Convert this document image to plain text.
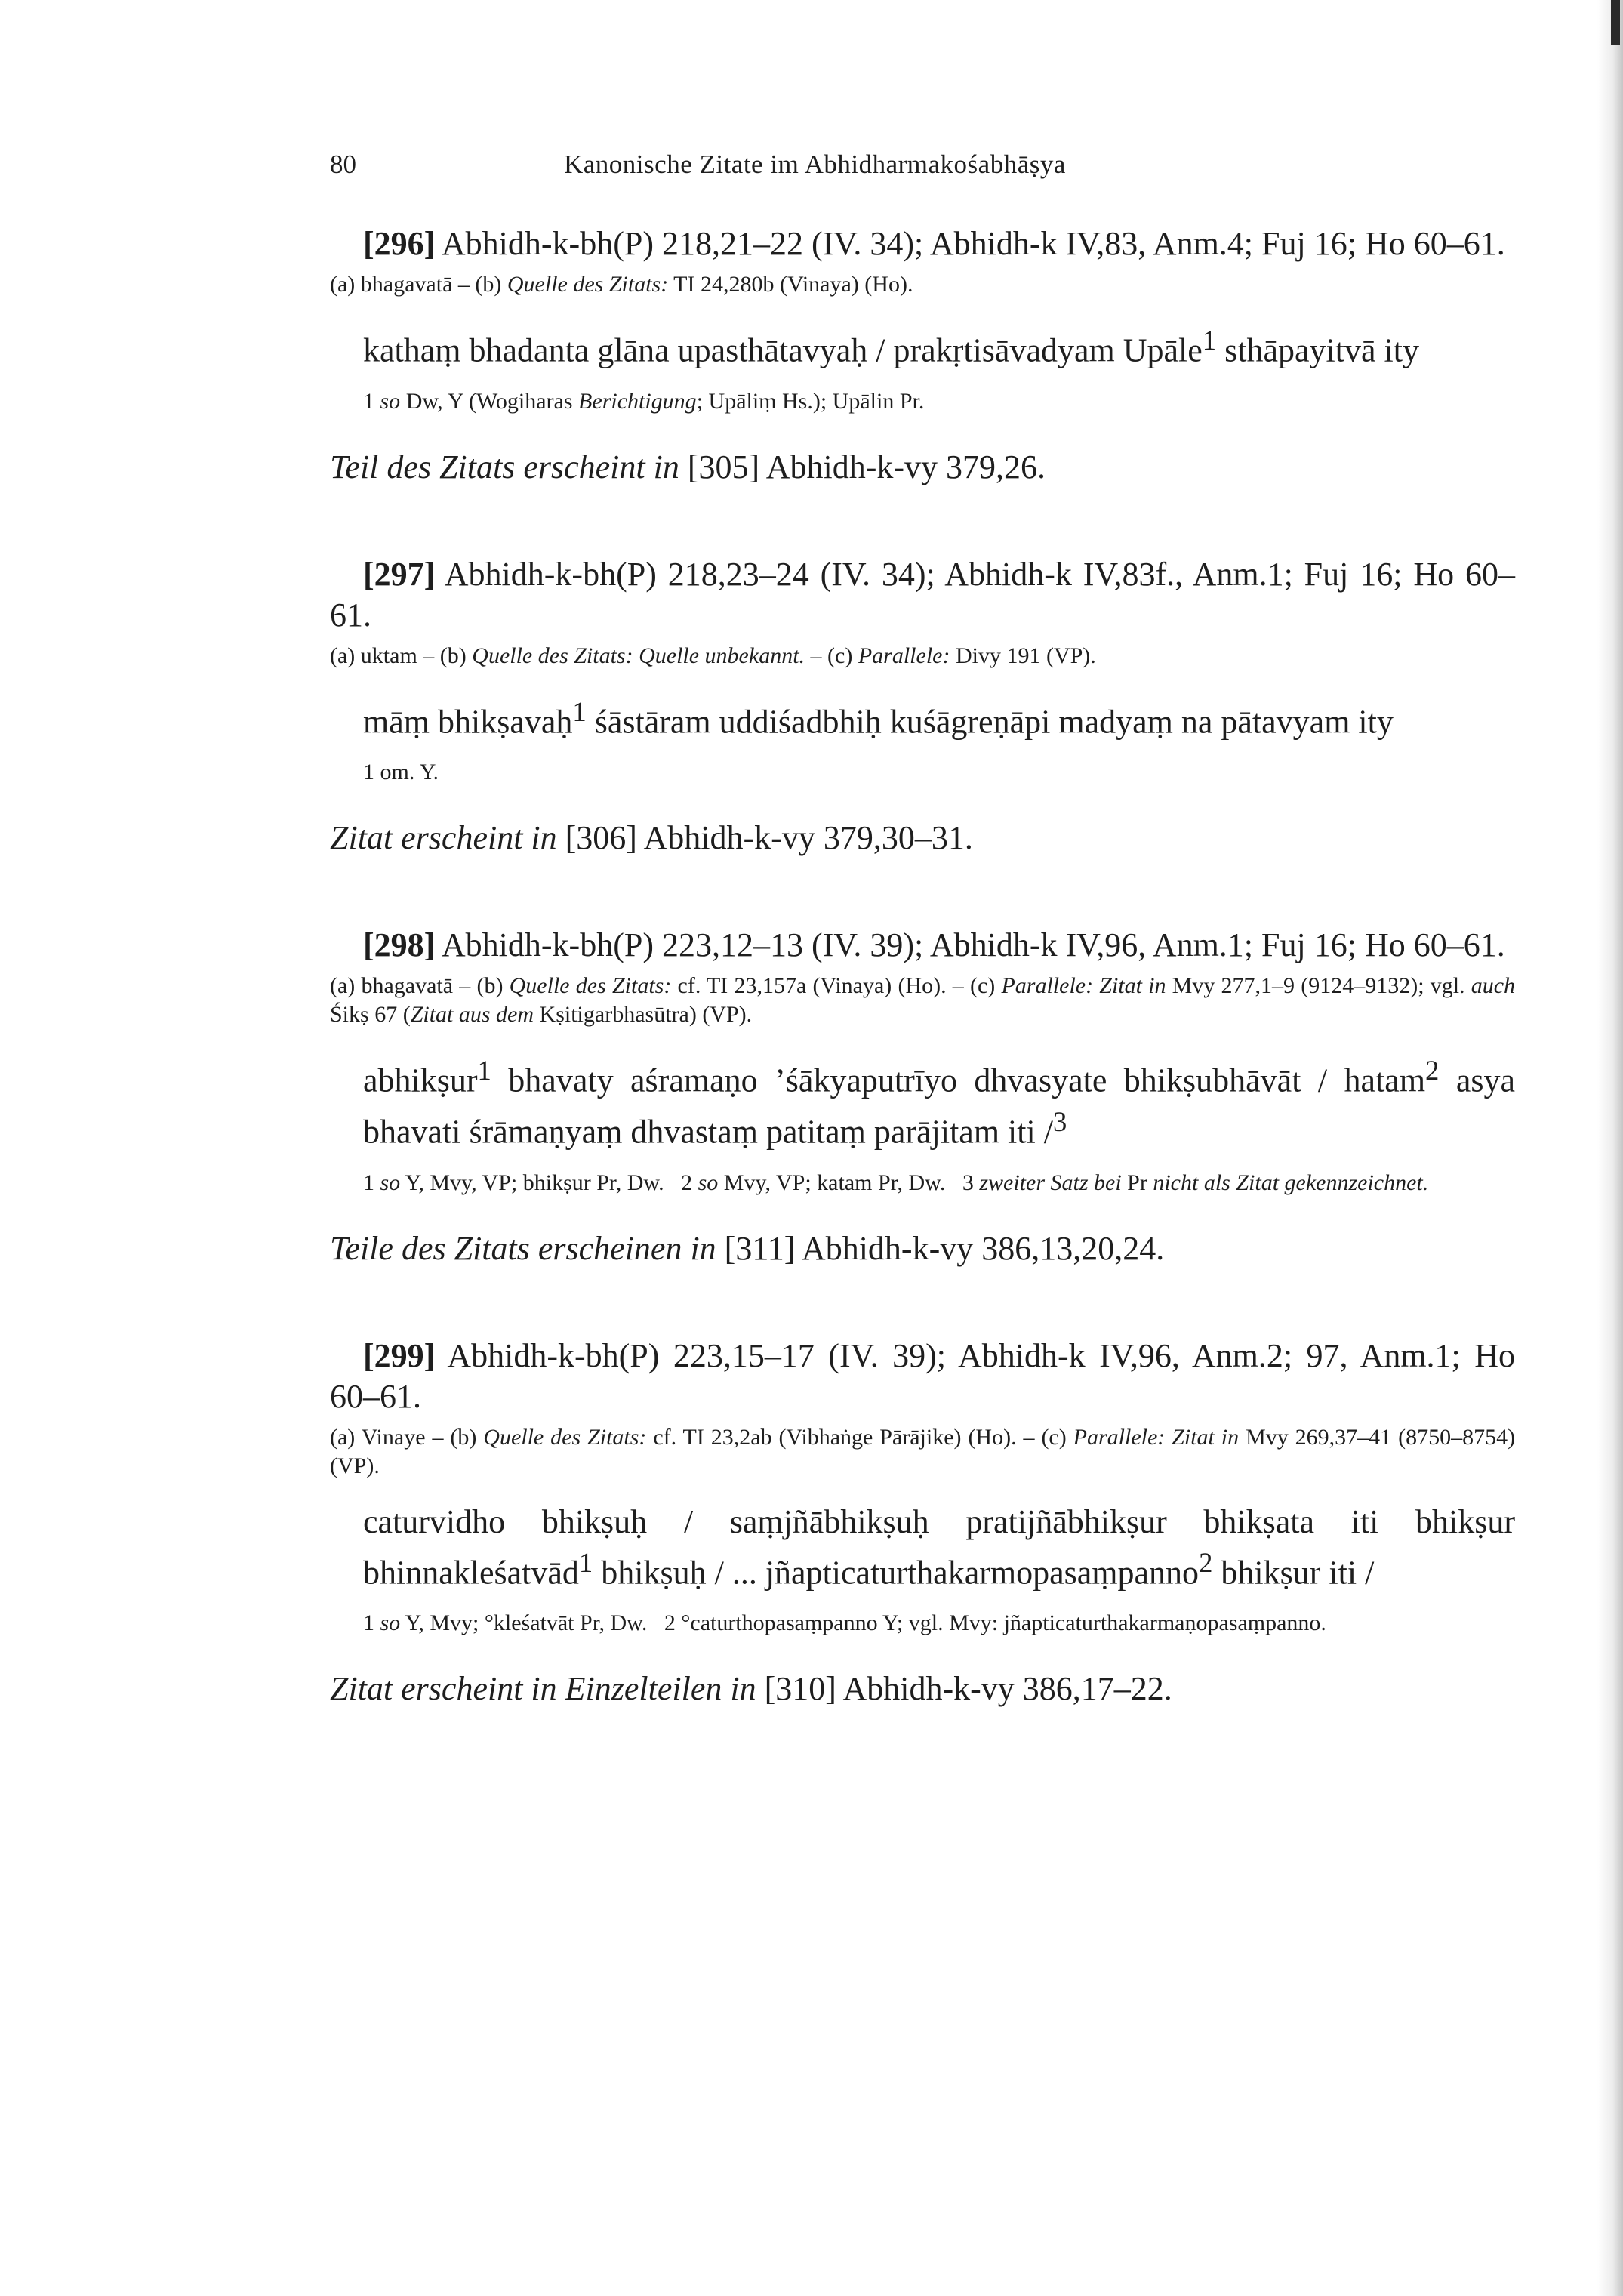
80	Kanonische Zitate im Abhidharmakośabhāṣya

[296] Abhidh-k-bh(P) 218,21–22 (IV. 34); Abhidh-k IV,83, Anm.4; Fuj 16; Ho 60–61.

(a) bhagavatā – (b) Quelle des Zitats: TI 24,280b (Vinaya) (Ho).

kathaṃ bhadanta glāna upasthātavyaḥ / prakṛtisāvadyam Upāle$^1$ sthāpayitvā ity

1 so Dw, Y (Wogiharas Berichtigung; Upāliṃ Hs.); Upālin Pr.

Teil des Zitats erscheint in [305] Abhidh-k-vy 379,26.

[297] Abhidh-k-bh(P) 218,23–24 (IV. 34); Abhidh-k IV,83f., Anm.1; Fuj 16; Ho 60–61.

(a) uktam – (b) Quelle des Zitats: Quelle unbekannt. – (c) Parallele: Divy 191 (VP).

māṃ bhikṣavaḥ$^1$ śāstāram uddiśadbhiḥ kuśāgreṇāpi madyaṃ na pātavyam ity

1 om. Y.

Zitat erscheint in [306] Abhidh-k-vy 379,30–31.

[298] Abhidh-k-bh(P) 223,12–13 (IV. 39); Abhidh-k IV,96, Anm.1; Fuj 16; Ho 60–61.

(a) bhagavatā – (b) Quelle des Zitats: cf. TI 23,157a (Vinaya) (Ho). – (c) Parallele: Zitat in Mvy 277,1–9 (9124–9132); vgl. auch Śikṣ 67 (Zitat aus dem Kṣitigarbhasūtra) (VP).

abhikṣur$^1$ bhavaty aśramaṇo ’śākyaputrīyo dhvasyate bhikṣubhāvāt / hatam$^2$ asya bhavati śrāmaṇyaṃ dhvastaṃ patitaṃ parājitam iti /$^3$

1 so Y, Mvy, VP; bhikṣur Pr, Dw. 2 so Mvy, VP; katam Pr, Dw. 3 zweiter Satz bei Pr nicht als Zitat gekennzeichnet.

Teile des Zitats erscheinen in [311] Abhidh-k-vy 386,13,20,24.

[299] Abhidh-k-bh(P) 223,15–17 (IV. 39); Abhidh-k IV,96, Anm.2; 97, Anm.1; Ho 60–61.

(a) Vinaye – (b) Quelle des Zitats: cf. TI 23,2ab (Vibhaṅge Pārājike) (Ho). – (c) Parallele: Zitat in Mvy 269,37–41 (8750–8754) (VP).

caturvidho bhikṣuḥ / saṃjñābhikṣuḥ pratijñābhikṣur bhikṣata iti bhikṣur bhinnakleśatvād$^1$ bhikṣuḥ / ... jñapticaturthakarmopasaṃpanno$^2$ bhikṣur iti /

1 so Y, Mvy; °kleśatvāt Pr, Dw. 2 °caturthopasaṃpanno Y; vgl. Mvy: jñapticaturthakarmaṇopasaṃpanno.

Zitat erscheint in Einzelteilen in [310] Abhidh-k-vy 386,17–22.
